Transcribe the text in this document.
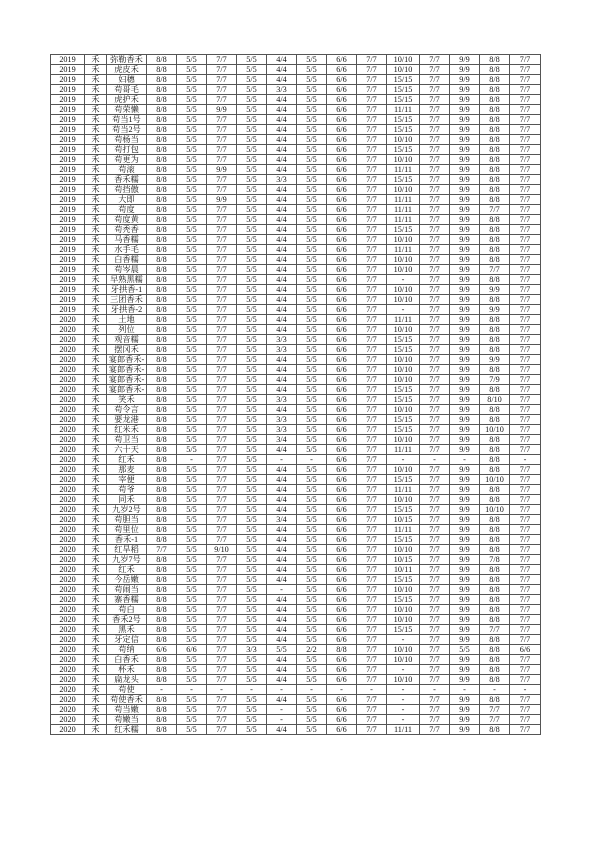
2019	禾	弥勒香禾	8/8	5/5	7/7	5/5	4/4	5/5	6/6	7/7	10/10	7/7	9/9	8/8	7/7
2019	禾	虎皮禾	8/8	5/5	7/7	5/5	4/4	5/5	6/6	7/7	10/10	7/7	9/9	8/8	7/7
2019	禾	妇穗	8/8	5/5	7/7	5/5	4/4	5/5	6/6	7/7	15/15	7/7	9/9	8/8	7/7
2019	禾	苟哥毛	8/8	5/5	7/7	5/5	3/3	5/5	6/6	7/7	15/15	7/7	9/9	8/8	7/7
2019	禾	虎护禾	8/8	5/5	7/7	5/5	4/4	5/5	6/6	7/7	15/15	7/7	9/9	8/8	7/7
2019	禾	苟荣懒	8/8	5/5	9/9	5/5	4/4	5/5	6/6	7/7	11/11	7/7	9/9	8/8	7/7
2019	禾	苟当1号	8/8	5/5	7/7	5/5	4/4	5/5	6/6	7/7	15/15	7/7	9/9	8/8	7/7
2019	禾	苟当2号	8/8	5/5	7/7	5/5	4/4	5/5	6/6	7/7	15/15	7/7	9/9	8/8	7/7
2019	禾	苟杨当	8/8	5/5	7/7	5/5	4/4	5/5	6/6	7/7	10/10	7/7	9/9	8/8	7/7
2019	禾	苟打包	8/8	5/5	7/7	5/5	4/4	5/5	6/6	7/7	15/15	7/7	9/9	8/8	7/7
2019	禾	苟更为	8/8	5/5	7/7	5/5	4/4	5/5	6/6	7/7	10/10	7/7	9/9	8/8	7/7
2019	禾	苟滚	8/8	5/5	9/9	5/5	4/4	5/5	6/6	7/7	11/11	7/7	9/9	8/8	7/7
2019	禾	香禾糯	8/8	5/5	7/7	5/5	3/3	5/5	6/6	7/7	15/15	7/7	9/9	8/8	7/7
2019	禾	苟挡傲	8/8	5/5	7/7	5/5	4/4	5/5	6/6	7/7	10/10	7/7	9/9	8/8	7/7
2019	禾	大即	8/8	5/5	9/9	5/5	4/4	5/5	6/6	7/7	11/11	7/7	9/9	8/8	7/7
2019	禾	苟度	8/8	5/5	7/7	5/5	4/4	5/5	6/6	7/7	11/11	7/7	9/9	7/7	7/7
2019	禾	苟度黄	8/8	5/5	7/7	5/5	4/4	5/5	6/6	7/7	11/11	7/7	9/9	8/8	7/7
2019	禾	苟秃香	8/8	5/5	7/7	5/5	4/4	5/5	6/6	7/7	15/15	7/7	9/9	8/8	7/7
2019	禾	马香糯	8/8	5/5	7/7	5/5	4/4	5/5	6/6	7/7	10/10	7/7	9/9	8/8	7/7
2019	禾	水手毛	8/8	5/5	7/7	5/5	4/4	5/5	6/6	7/7	11/11	7/7	9/9	8/8	7/7
2019	禾	白香糯	8/8	5/5	7/7	5/5	4/4	5/5	6/6	7/7	10/10	7/7	9/9	8/8	7/7
2019	禾	苟岑晨	8/8	5/5	7/7	5/5	4/4	5/5	6/6	7/7	10/10	7/7	9/9	7/7	7/7
2019	禾	早熟黑糯	8/8	5/5	7/7	5/5	4/4	5/5	6/6	7/7	-	7/7	9/9	8/8	7/7
2019	禾	牙拱香-1	8/8	5/5	7/7	5/5	4/4	5/5	6/6	7/7	10/10	7/7	9/9	9/9	7/7
2019	禾	三团香禾	8/8	5/5	7/7	5/5	4/4	5/5	6/6	7/7	10/10	7/7	9/9	8/8	7/7
2019	禾	牙拱香-2	8/8	5/5	7/7	5/5	4/4	5/5	6/6	7/7	-	7/7	9/9	9/9	7/7
2020	禾	土地	8/8	5/5	7/7	5/5	4/4	5/5	6/6	7/7	11/11	7/7	9/9	8/8	7/7
2020	禾	列位	8/8	5/5	7/7	5/5	4/4	5/5	6/6	7/7	10/10	7/7	9/9	8/8	7/7
2020	禾	观音糯	8/8	5/5	7/7	5/5	3/3	5/5	6/6	7/7	15/15	7/7	9/9	8/8	7/7
2020	禾	摆冈禾	8/8	5/5	7/7	5/5	3/3	5/5	6/6	7/7	15/15	7/7	9/9	8/8	7/7
2020	禾	宴郎香禾-	8/8	5/5	7/7	5/5	4/4	5/5	6/6	7/7	10/10	7/7	9/9	9/9	7/7
2020	禾	宴郎香禾-	8/8	5/5	7/7	5/5	4/4	5/5	6/6	7/7	10/10	7/7	9/9	8/8	7/7
2020	禾	宴郎香禾-	8/8	5/5	7/7	5/5	4/4	5/5	6/6	7/7	10/10	7/7	9/9	7/9	7/7
2020	禾	宴郎香禾-	8/8	5/5	7/7	5/5	4/4	5/5	6/6	7/7	15/15	7/7	9/9	8/8	7/7
2020	禾	笑禾	8/8	5/5	7/7	5/5	3/3	5/5	6/6	7/7	15/15	7/7	9/9	8/10	7/7
2020	禾	苟令言	8/8	5/5	7/7	5/5	4/4	5/5	6/6	7/7	10/10	7/7	9/9	8/8	7/7
2020	禾	要龙港	8/8	5/5	7/7	5/5	3/3	5/5	6/6	7/7	15/15	7/7	9/9	8/8	7/7
2020	禾	红米禾	8/8	5/5	7/7	5/5	3/3	5/5	6/6	7/7	15/15	7/7	9/9	10/10	7/7
2020	禾	苟卫当	8/8	5/5	7/7	5/5	3/4	5/5	6/6	7/7	10/10	7/7	9/9	8/8	7/7
2020	禾	六十天	8/8	5/5	7/7	5/5	4/4	5/5	6/6	7/7	11/11	7/7	9/9	8/8	7/7
2020	禾	红禾	8/8	-	7/7	5/5	-	-	6/6	7/7	-	-	-	8/8	-
2020	禾	那麦	8/8	5/5	7/7	5/5	4/4	5/5	6/6	7/7	10/10	7/7	9/9	8/8	7/7
2020	禾	宰便	8/8	5/5	7/7	5/5	4/4	5/5	6/6	7/7	15/15	7/7	9/9	10/10	7/7
2020	禾	苟爷	8/8	5/5	7/7	5/5	4/4	5/5	6/6	7/7	11/11	7/7	9/9	8/8	7/7
2020	禾	同禾	8/8	5/5	7/7	5/5	4/4	5/5	6/6	7/7	10/10	7/7	9/9	8/8	7/7
2020	禾	九岁2号	8/8	5/5	7/7	5/5	4/4	5/5	6/6	7/7	15/15	7/7	9/9	10/10	7/7
2020	禾	苟胆当	8/8	5/5	7/7	5/5	3/4	5/5	6/6	7/7	10/15	7/7	9/9	8/8	7/7
2020	禾	苟里位	8/8	5/5	7/7	5/5	4/4	5/5	6/6	7/7	11/11	7/7	9/9	8/8	7/7
2020	禾	香禾-1	8/8	5/5	7/7	5/5	4/4	5/5	6/6	7/7	15/15	7/7	9/9	8/8	7/7
2020	禾	红旱稻	7/7	5/5	9/10	5/5	4/4	5/5	6/6	7/7	10/10	7/7	9/9	8/8	7/7
2020	禾	九岁7号	8/8	5/5	7/7	5/5	4/4	5/5	6/6	7/7	10/15	7/7	9/9	7/8	7/7
2020	禾	红禾	8/8	5/5	7/7	5/5	4/4	5/5	6/6	7/7	10/11	7/7	9/9	8/8	7/7
2020	禾	今岳嫩	8/8	5/5	7/7	5/5	4/4	5/5	6/6	7/7	15/15	7/7	9/9	8/8	7/7
2020	禾	苟闹当	8/8	5/5	7/7	5/5	-	5/5	6/6	7/7	10/10	7/7	9/9	8/8	7/7
2020	禾	寨香糯	8/8	5/5	7/7	5/5	4/4	5/5	6/6	7/7	15/15	7/7	9/9	8/8	7/7
2020	禾	苟白	8/8	5/5	7/7	5/5	4/4	5/5	6/6	7/7	10/10	7/7	9/9	8/8	7/7
2020	禾	香禾2号	8/8	5/5	7/7	5/5	4/4	5/5	6/6	7/7	10/10	7/7	9/9	8/8	7/7
2020	禾	黑禾	8/8	5/5	7/7	5/5	4/4	5/5	6/6	7/7	15/15	7/7	9/9	7/7	7/7
2020	禾	牙定信	8/8	5/5	7/7	5/5	4/4	5/5	6/6	7/7	-	7/7	9/9	8/8	7/7
2020	禾	苟纳	6/6	6/6	7/7	3/3	5/5	2/2	8/8	7/7	10/10	7/7	5/5	8/8	6/6
2020	禾	白香禾	8/8	5/5	7/7	5/5	4/4	5/5	6/6	7/7	10/10	7/7	9/9	8/8	7/7
2020	禾	杯禾	8/8	5/5	7/7	5/5	4/4	5/5	6/6	7/7	-	7/7	9/9	8/8	7/7
2020	禾	扁龙头	8/8	5/5	7/7	5/5	4/4	5/5	6/6	7/7	10/10	7/7	9/9	8/8	7/7
2020	禾	苟使	-	-	-	-	-	-	-	-	-	-	-	-	-
2020	禾	苟使香禾	8/8	5/5	7/7	5/5	4/4	5/5	6/6	7/7	-	7/7	9/9	8/8	7/7
2020	禾	苟当嫩	8/8	5/5	7/7	5/5	-	5/5	6/6	7/7	-	7/7	9/9	7/7	7/7
2020	禾	苟嫩当	8/8	5/5	7/7	5/5	-	5/5	6/6	7/7	-	7/7	9/9	7/7	7/7
2020	禾	红禾糯	8/8	5/5	7/7	5/5	4/4	5/5	6/6	7/7	11/11	7/7	9/9	8/8	7/7
